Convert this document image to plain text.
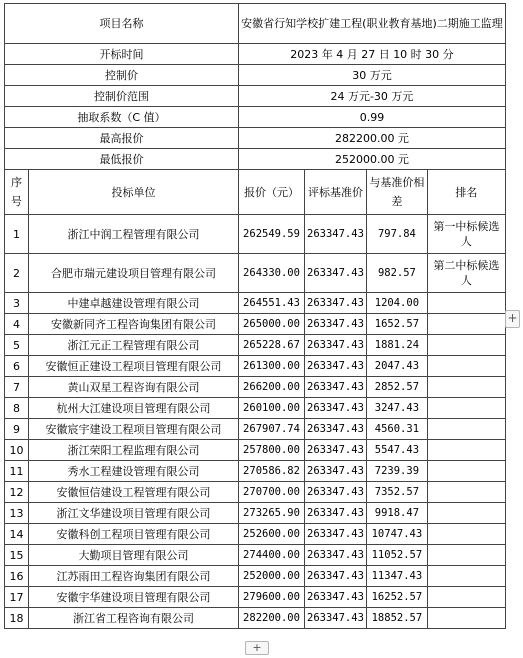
项目名称		安徽省行知学校扩建工程(职业教育基地)二期施工监理			
开标时间		2023 年 4 月 27 日 10 时 30 分			
控制价		30 万元			
控制价范围		24 万元-30 万元			
抽取系数（C 值）		0.99			
最高报价		282200.00 元			
最低报价		252000.00 元			
序号	投标单位	报价（元）	评标基准价	与基准价相差	排名
1	浙江中润工程管理有限公司	262549.59	263347.43	797.84	第一中标候选人
2	合肥市瑞元建设项目管理有限公司	264330.00	263347.43	982.57	第二中标候选人
3	中建卓越建设管理有限公司	264551.43	263347.43	1204.00	
4	安徽新同齐工程咨询集团有限公司	265000.00	263347.43	1652.57	
5	浙江元正工程管理有限公司	265228.67	263347.43	1881.24	
6	安徽恒正建设工程项目管理有限公司	261300.00	263347.43	2047.43	
7	黄山双星工程咨询有限公司	266200.00	263347.43	2852.57	
8	杭州大江建设项目管理有限公司	260100.00	263347.43	3247.43	
9	安徽宸宇建设工程项目管理有限公司	267907.74	263347.43	4560.31	
10	浙江荣阳工程监理有限公司	257800.00	263347.43	5547.43	
11	秀水工程建设管理有限公司	270586.82	263347.43	7239.39	
12	安徽恒信建设工程管理有限公司	270700.00	263347.43	7352.57	
13	浙江文华建设项目管理有限公司	273265.90	263347.43	9918.47	
14	安徽科创工程项目管理有限公司	252600.00	263347.43	10747.43	
15	大勤项目管理有限公司	274400.00	263347.43	11052.57	
16	江苏雨田工程咨询集团有限公司	252000.00	263347.43	11347.43	
17	安徽宇华建设项目管理有限公司	279600.00	263347.43	16252.57	
18	浙江省工程咨询有限公司	282200.00	263347.43	18852.57	
+
+
